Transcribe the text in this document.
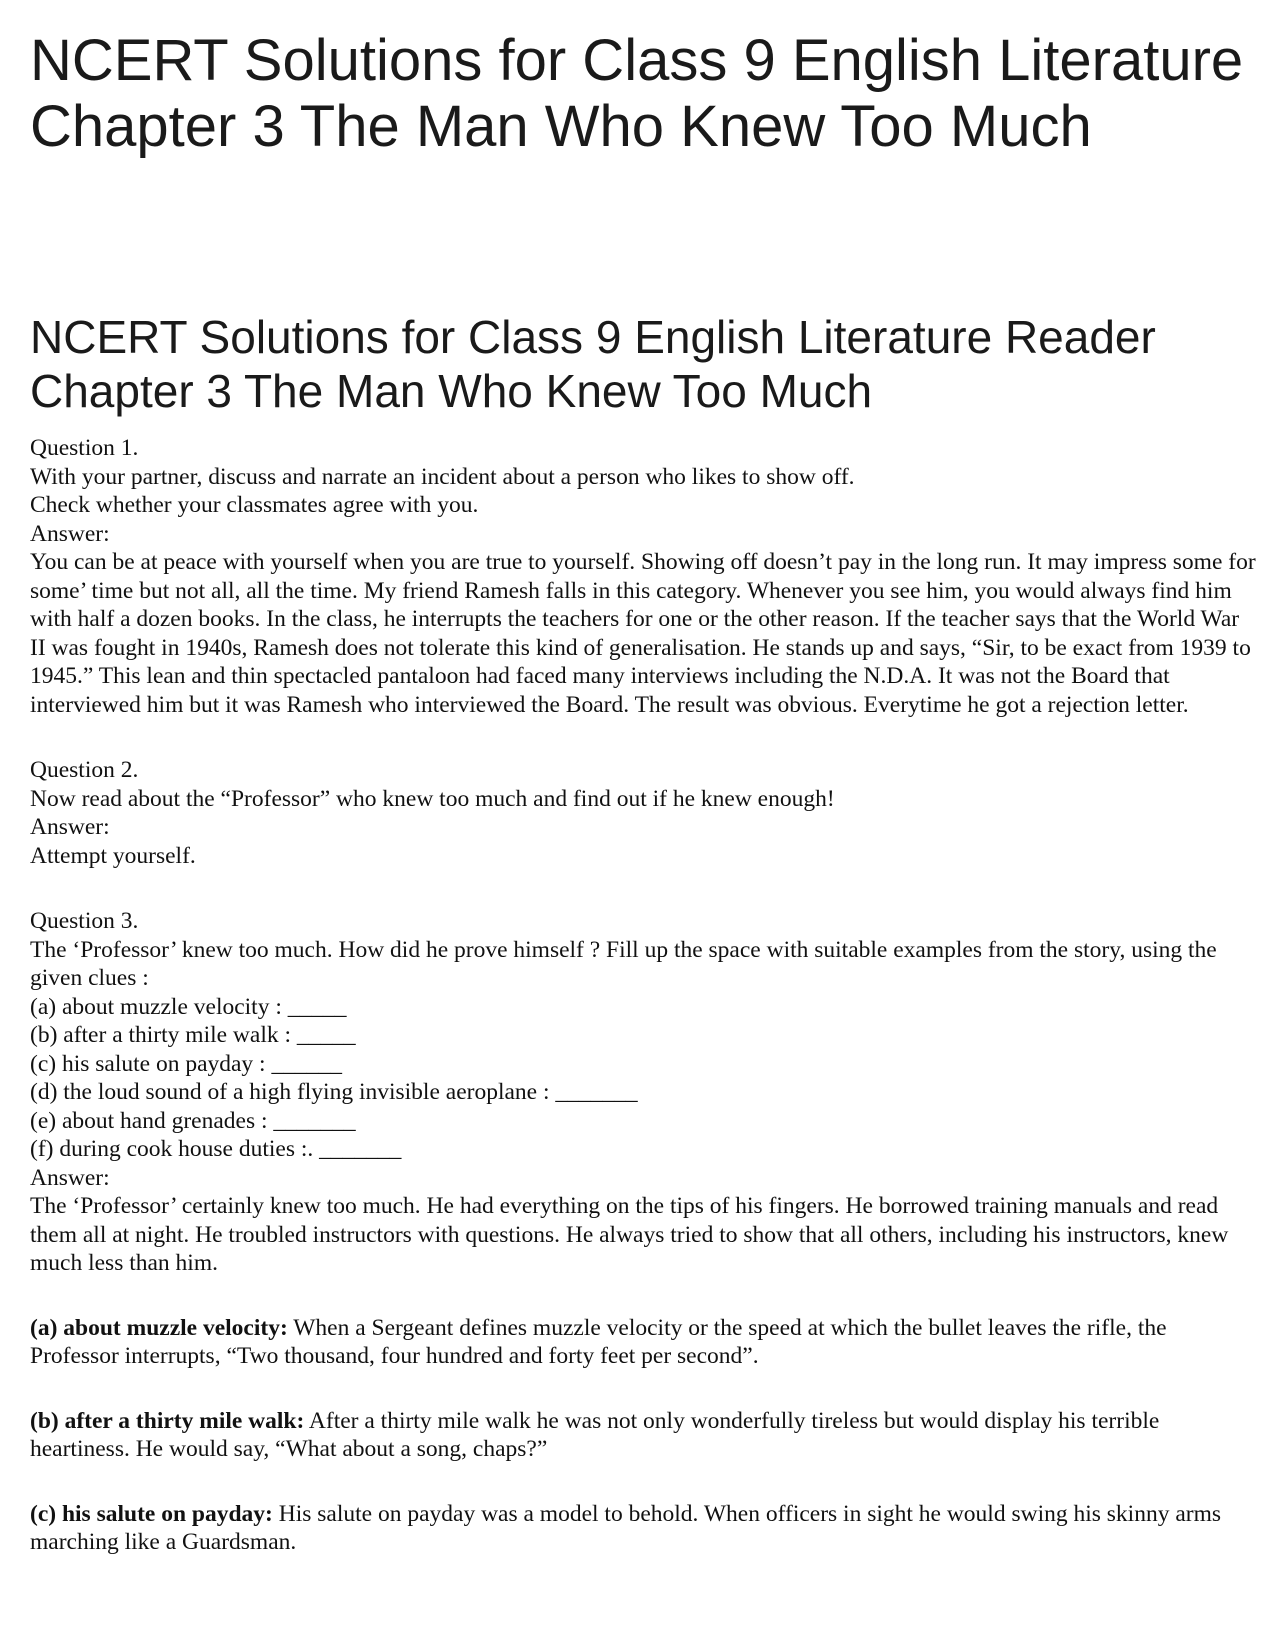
NCERT Solutions for Class 9 English Literature Chapter 3 The Man Who Knew Too Much
NCERT Solutions for Class 9 English Literature Reader Chapter 3 The Man Who Knew Too Much
Question 1.
With your partner, discuss and narrate an incident about a person who likes to show off.
Check whether your classmates agree with you.
Answer:
You can be at peace with yourself when you are true to yourself. Showing off doesn’t pay in the long run. It may impress some for some’ time but not all, all the time. My friend Ramesh falls in this category. Whenever you see him, you would always find him with half a dozen books. In the class, he interrupts the teachers for one or the other reason. If the teacher says that the World War II was fought in 1940s, Ramesh does not tolerate this kind of generalisation. He stands up and says, “Sir, to be exact from 1939 to 1945.” This lean and thin spectacled pantaloon had faced many interviews including the N.D.A. It was not the Board that interviewed him but it was Ramesh who interviewed the Board. The result was obvious. Everytime he got a rejection letter.
Question 2.
Now read about the “Professor” who knew too much and find out if he knew enough!
Answer:
Attempt yourself.
Question 3.
The ‘Professor’ knew too much. How did he prove himself ? Fill up the space with suitable examples from the story, using the given clues :
(a) about muzzle velocity : _____
(b) after a thirty mile walk : _____
(c) his salute on payday : ______
(d) the loud sound of a high flying invisible aeroplane : _______
(e) about hand grenades : _______
(f) during cook house duties :. _______
Answer:
The ‘Professor’ certainly knew too much. He had everything on the tips of his fingers. He borrowed training manuals and read them all at night. He troubled instructors with questions. He always tried to show that all others, including his instructors, knew much less than him.
(a) about muzzle velocity: When a Sergeant defines muzzle velocity or the speed at which the bullet leaves the rifle, the Professor interrupts, “Two thousand, four hundred and forty feet per second”.
(b) after a thirty mile walk: After a thirty mile walk he was not only wonderfully tireless but would display his terrible heartiness. He would say, “What about a song, chaps?”
(c) his salute on payday: His salute on payday was a model to behold. When officers in sight he would swing his skinny arms marching like a Guardsman.
